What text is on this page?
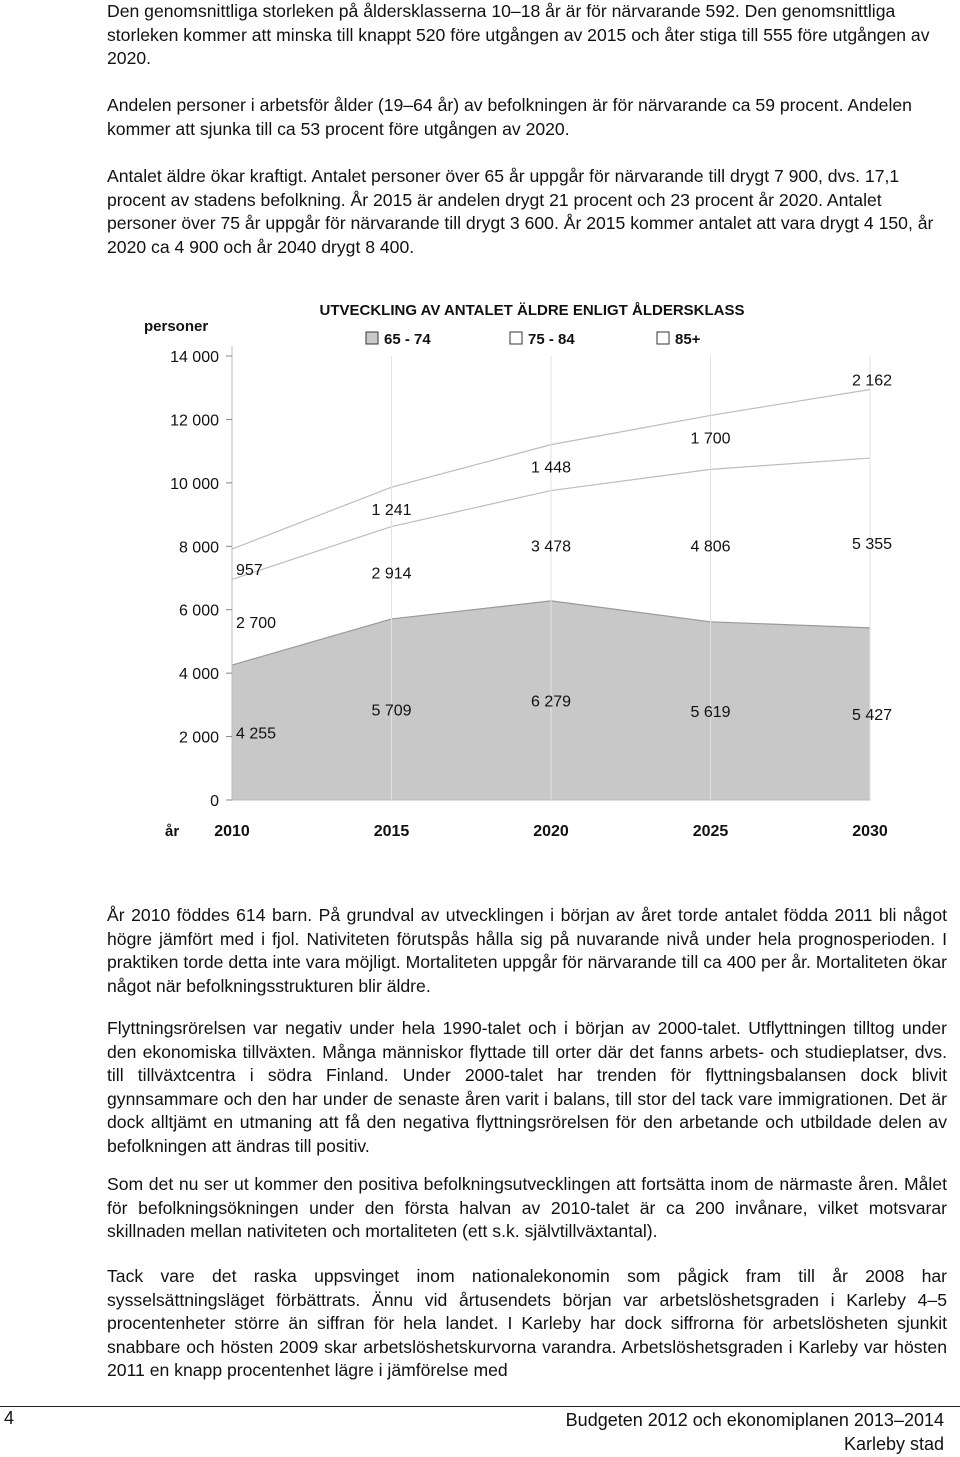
Den genomsnittliga storleken på åldersklasserna 10–18 år är för närvarande 592. Den genomsnittliga storleken kommer att minska till knappt 520 före utgången av 2015 och åter stiga till 555 före utgången av 2020.

Andelen personer i arbetsför ålder (19–64 år) av befolkningen är för närvarande ca 59 procent. Andelen kommer att sjunka till ca 53 procent före utgången av 2020.

Antalet äldre ökar kraftigt. Antalet personer över 65 år uppgår för närvarande till drygt 7 900, dvs. 17,1 procent av stadens befolkning. År 2015 är andelen drygt 21 procent och 23 procent år 2020. Antalet personer över 75 år uppgår för närvarande till drygt 3 600. År 2015 kommer antalet att vara drygt 4 150, år 2020 ca 4 900 och år 2040 drygt 8 400.

UTVECKLING AV ANTALET ÄLDRE ENLIGT ÅLDERSKLASS
personer
år
65 - 74	75 - 84	85+
0
2 000
4 000
6 000
8 000
10 000
12 000
14 000
2010	2015	2020	2025	2030
4 255
5 709
6 279
5 619	5 427
2 700
2 914
3 478	4 806	5 355
957
1 241
1 448
1 700
2 162

År 2010 föddes 614 barn. På grundval av utvecklingen i början av året torde antalet födda 2011 bli något högre jämfört med i fjol. Nativiteten förutspås hålla sig på nuvarande nivå under hela prognosperioden. I praktiken torde detta inte vara möjligt. Mortaliteten uppgår för närvarande till ca 400 per år. Mortaliteten ökar något när befolkningsstrukturen blir äldre.

Flyttningsrörelsen var negativ under hela 1990-talet och i början av 2000-talet. Utflyttningen tilltog under den ekonomiska tillväxten. Många människor flyttade till orter där det fanns arbets- och studieplatser, dvs. till tillväxtcentra i södra Finland. Under 2000-talet har trenden för flyttningsbalansen dock blivit gynnsammare och den har under de senaste åren varit i balans, till stor del tack vare immigrationen. Det är dock alltjämt en utmaning att få den negativa flyttningsrörelsen för den arbetande och utbildade delen av befolkningen att ändras till positiv.

Som det nu ser ut kommer den positiva befolkningsutvecklingen att fortsätta inom de närmaste åren. Målet för befolkningsökningen under den första halvan av 2010-talet är ca 200 invånare, vilket motsvarar skillnaden mellan nativiteten och mortaliteten (ett s.k. självtillväxtantal).

Tack vare det raska uppsvinget inom nationalekonomin som pågick fram till år 2008 har sysselsättningsläget förbättrats. Ännu vid årtusendets början var arbetslöshetsgraden i Karleby 4–5 procentenheter större än siffran för hela landet. I Karleby har dock siffrorna för arbetslösheten sjunkit snabbare och hösten 2009 skar arbetslöshetskurvorna varandra. Arbetslöshetsgraden i Karleby var hösten 2011 en knapp procentenhet lägre i jämförelse med

4	Budgeten 2012 och ekonomiplanen 2013–2014
Karleby stad
